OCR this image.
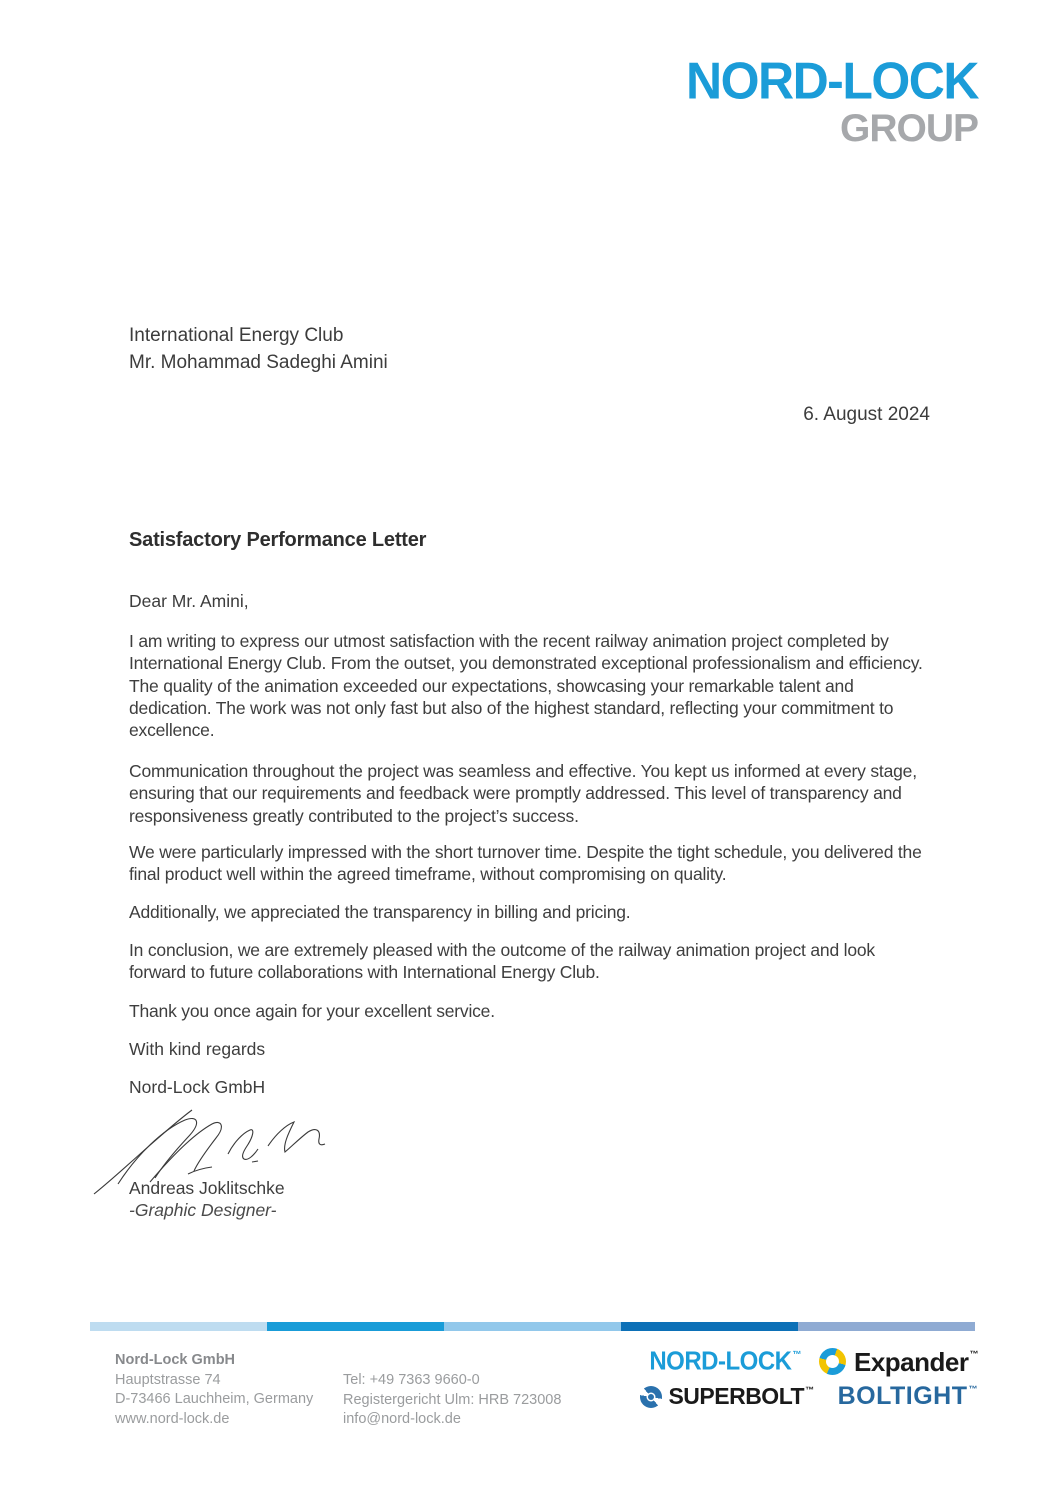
NORD-LOCK
GROUP
International Energy Club
Mr. Mohammad Sadeghi Amini
6. August 2024
Satisfactory Performance Letter
Dear Mr. Amini,

I am writing to express our utmost satisfaction with the recent railway animation project completed by International Energy Club. From the outset, you demonstrated exceptional professionalism and efficiency. The quality of the animation exceeded our expectations, showcasing your remarkable talent and dedication. The work was not only fast but also of the highest standard, reflecting your commitment to excellence.

Communication throughout the project was seamless and effective. You kept us informed at every stage, ensuring that our requirements and feedback were promptly addressed. This level of transparency and responsiveness greatly contributed to the project’s success.

We were particularly impressed with the short turnover time. Despite the tight schedule, you delivered the final product well within the agreed timeframe, without compromising on quality.

Additionally, we appreciated the transparency in billing and pricing.

In conclusion, we are extremely pleased with the outcome of the railway animation project and look forward to future collaborations with International Energy Club.

Thank you once again for your excellent service.

With kind regards
Nord-Lock GmbH
Andreas Joklitschke
-Graphic Designer-
Nord-Lock GmbH
Hauptstrasse 74
D-73466 Lauchheim, Germany
www.nord-lock.de
Tel: +49 7363 9660-0
Registergericht Ulm: HRB 723008
info@nord-lock.de
NORD-LOCK ™ Expander ™
SUPERBOLT ™ BOLTIGHT ™
